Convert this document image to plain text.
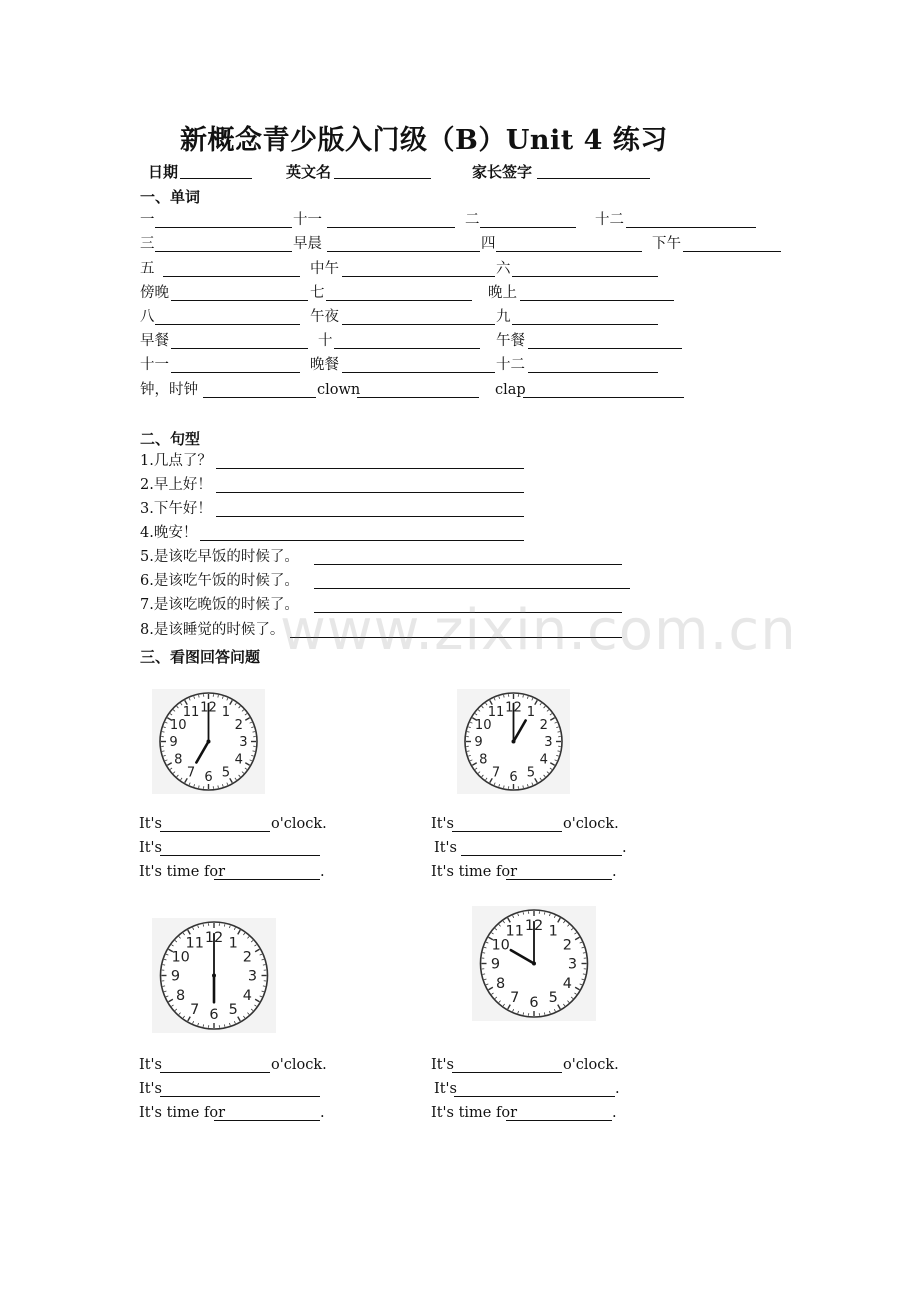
新概念青少版入门级（B）Unit 4 练习
日期	英文名	家长签字
一、单词
一	十一	二	十二
三	早晨	四	下午
五	中午	六
傍晚	七	晚上
八	午夜	九
早餐	十	午餐
十一	晚餐	十二
钟，时钟	clown	clap
二、句型
1.几点了？
2.早上好！
3.下午好！
4.晚安！
5.是该吃早饭的时候了。
6.是该吃午饭的时候了。
7.是该吃晚饭的时候了。
8.是该睡觉的时候了。
www.zixin.com.cn
三、看图回答问题
12 1
2
3
4
5
6
7
8
9
10
11	12 1
2
3
4
5
6
7
8
9
10
11
12 1
2
3
4
5
6
7
8
9
10
11
12 1
2
3
4
5
6
7
8
9
10
11
It's	o'clock.
It's
It's time for	.
It's	o'clock.
It's	.
It's time for	.
It's	o'clock.
It's
It's time for	.
It's	o'clock.
It's	.
It's time for	.
